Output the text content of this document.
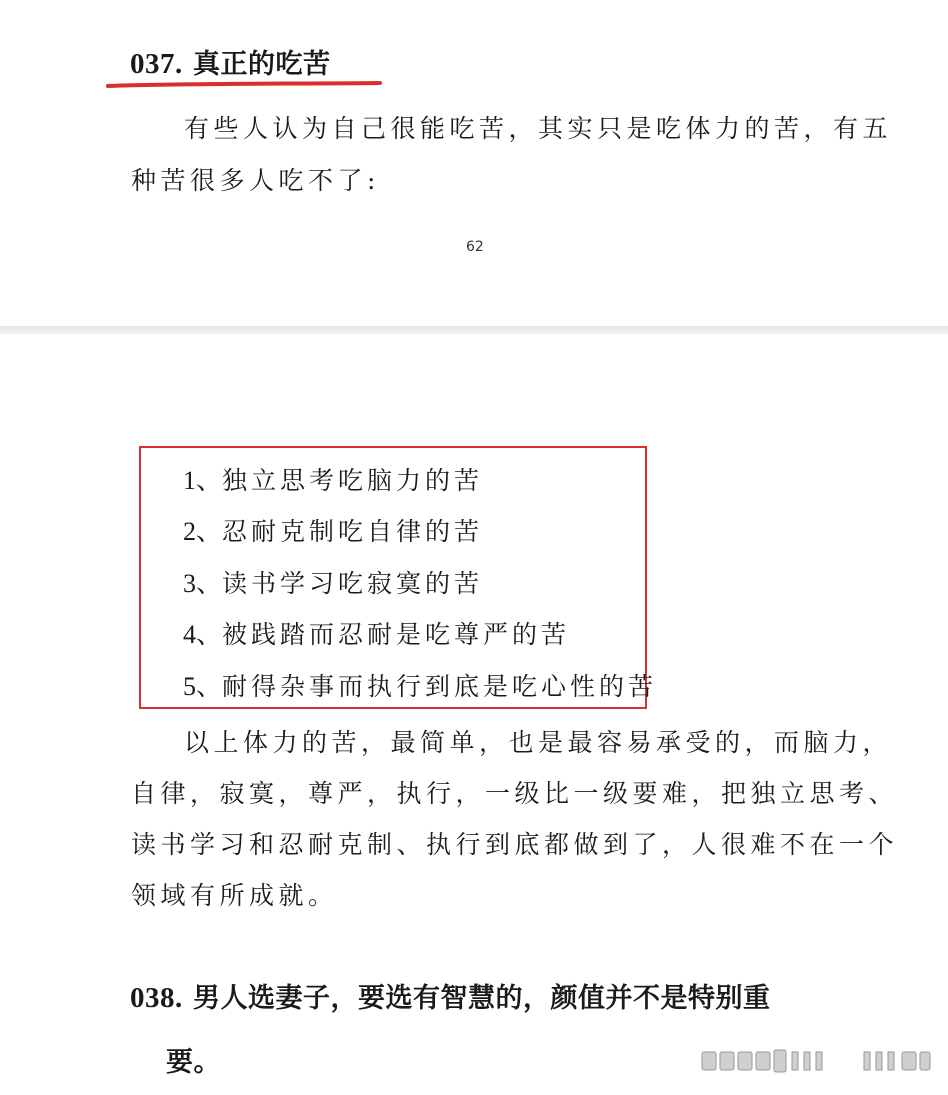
037. 真正的吃苦
有些人认为自己很能吃苦，其实只是吃体力的苦，有五
种苦很多人吃不了:
62
1、独立思考吃脑力的苦
2、忍耐克制吃自律的苦
3、读书学习吃寂寞的苦
4、被践踏而忍耐是吃尊严的苦
5、耐得杂事而执行到底是吃心性的苦
以上体力的苦，最简单，也是最容易承受的，而脑力，
自律，寂寞，尊严，执行，一级比一级要难，把独立思考、
读书学习和忍耐克制、执行到底都做到了，人很难不在一个
领域有所成就。
038. 男人选妻子，要选有智慧的，颜值并不是特别重
要。
